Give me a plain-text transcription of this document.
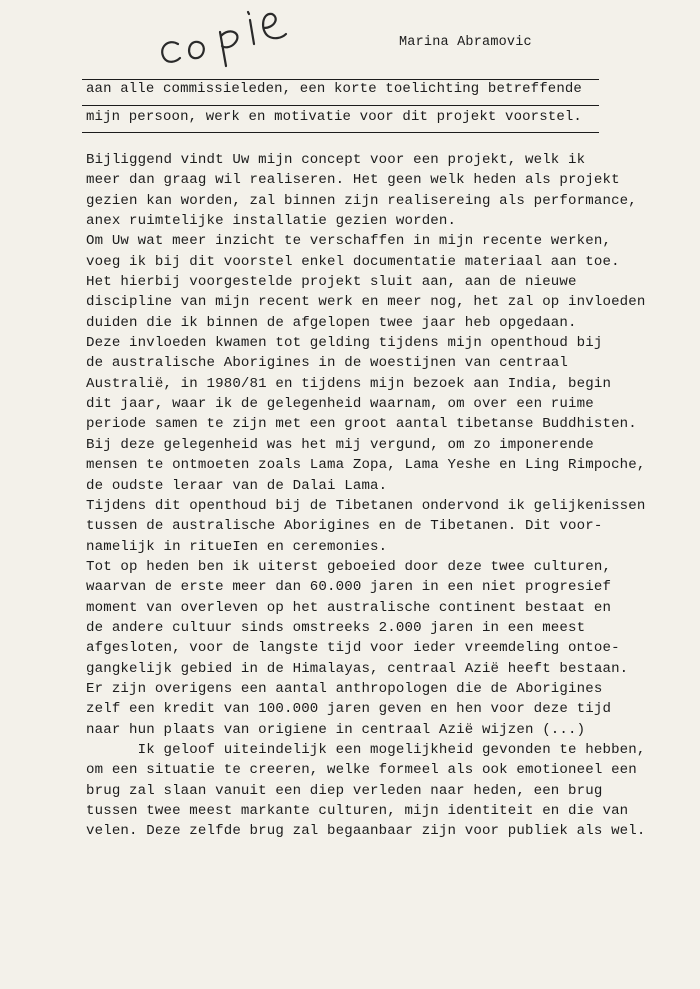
Marina Abramovic
aan alle commissieleden, een korte toelichting betreffende
mijn persoon, werk en motivatie voor dit projekt voorstel.
Bijliggend vindt Uw mijn concept voor een projekt, welk ik
meer dan graag wil realiseren. Het geen welk heden als projekt
gezien kan worden, zal binnen zijn realisereing als performance,
anex ruimtelijke installatie gezien worden.
Om Uw wat meer inzicht te verschaffen in mijn recente werken,
voeg ik bij dit voorstel enkel documentatie materiaal aan toe.
Het hierbij voorgestelde projekt sluit aan, aan de nieuwe
discipline van mijn recent werk en meer nog, het zal op invloeden
duiden die ik binnen de afgelopen twee jaar heb opgedaan.
Deze invloeden kwamen tot gelding tijdens mijn openthoud bij
de australische Aborigines in de woestijnen van centraal
Australië, in 1980/81 en tijdens mijn bezoek aan India, begin
dit jaar, waar ik de gelegenheid waarnam, om over een ruime
periode samen te zijn met een groot aantal tibetanse Buddhisten.
Bij deze gelegenheid was het mij vergund, om zo imponerende
mensen te ontmoeten zoals Lama Zopa, Lama Yeshe en Ling Rimpoche,
de oudste leraar van de Dalai Lama.
Tijdens dit openthoud bij de Tibetanen ondervond ik gelijkenissen
tussen de australische Aborigines en de Tibetanen. Dit voor-
namelijk in ritueIen en ceremonies.
Tot op heden ben ik uiterst geboeied door deze twee culturen,
waarvan de erste meer dan 60.000 jaren in een niet progresief
moment van overleven op het australische continent bestaat en
de andere cultuur sinds omstreeks 2.000 jaren in een meest
afgesloten, voor de langste tijd voor ieder vreemdeling ontoe-
gangkelijk gebied in de Himalayas, centraal Azië heeft bestaan.
Er zijn overigens een aantal anthropologen die de Aborigines
zelf een kredit van 100.000 jaren geven en hen voor deze tijd
naar hun plaats van origiene in centraal Azië wijzen (...)
Ik geloof uiteindelijk een mogelijkheid gevonden te hebben,
om een situatie te creeren, welke formeel als ook emotioneel een
brug zal slaan vanuit een diep verleden naar heden, een brug
tussen twee meest markante culturen, mijn identiteit en die van
velen. Deze zelfde brug zal begaanbaar zijn voor publiek als wel.
